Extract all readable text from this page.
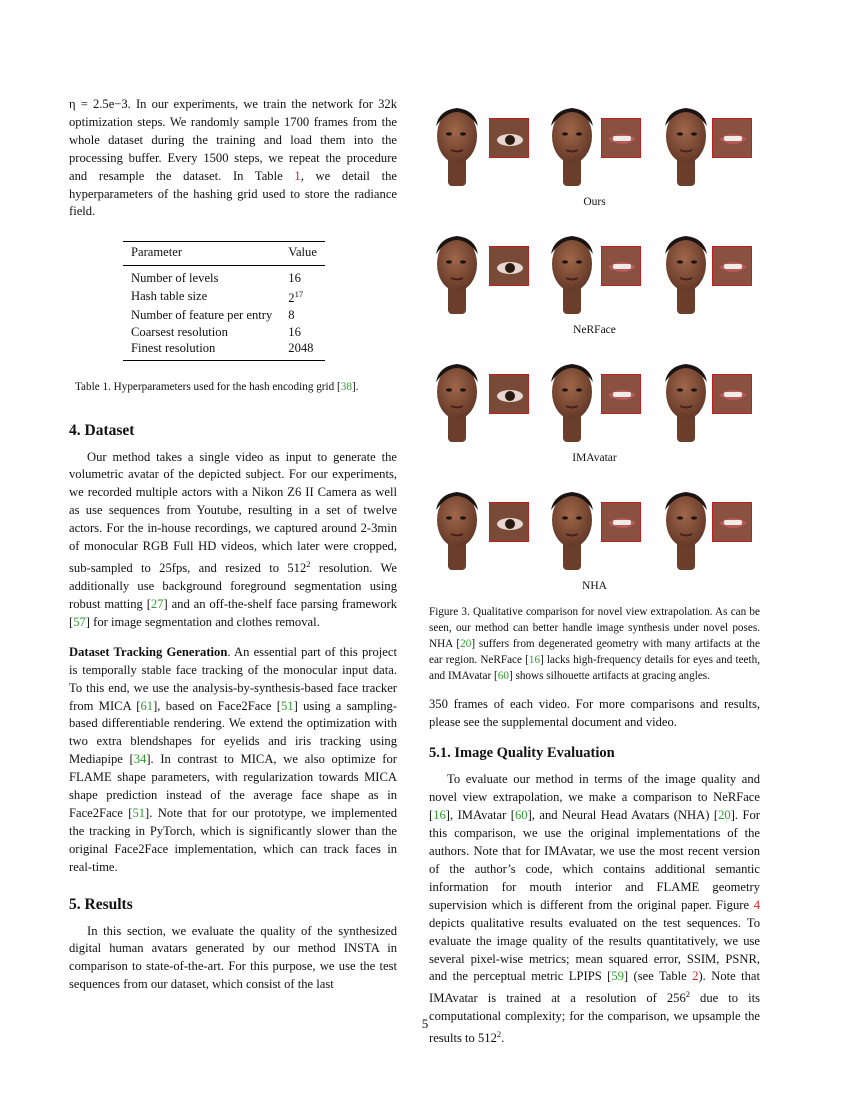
η = 2.5e−3. In our experiments, we train the network for 32k optimization steps. We randomly sample 1700 frames from the whole dataset during the training and load them into the processing buffer. Every 1500 steps, we repeat the procedure and resample the dataset. In Table 1, we detail the hyperparameters of the hashing grid used to store the radiance field.

Parameter	Value
Number of levels	16
Hash table size	$2^{17}$
Number of feature per entry	8
Coarsest resolution	16
Finest resolution	2048

Table 1. Hyperparameters used for the hash encoding grid [38].

4. Dataset

Our method takes a single video as input to generate the volumetric avatar of the depicted subject. For our experiments, we recorded multiple actors with a Nikon Z6 II Camera as well as use sequences from Youtube, resulting in a set of twelve actors. For the in-house recordings, we captured around 2-3min of monocular RGB Full HD videos, which later were cropped, sub-sampled to 25fps, and resized to $512^2$ resolution. We additionally use background foreground segmentation using robust matting [27] and an off-the-shelf face parsing framework [57] for image segmentation and clothes removal.

Dataset Tracking Generation. An essential part of this project is temporally stable face tracking of the monocular input data. To this end, we use the analysis-by-synthesis-based face tracker from MICA [61], based on Face2Face [51] using a sampling-based differentiable rendering. We extend the optimization with two extra blendshapes for eyelids and iris tracking using Mediapipe [34]. In contrast to MICA, we also optimize for FLAME shape parameters, with regularization towards MICA shape prediction instead of the average face shape as in Face2Face [51]. Note that for our prototype, we implemented the tracking in PyTorch, which is significantly slower than the original Face2Face implementation, which can track faces in real-time.

5. Results

In this section, we evaluate the quality of the synthesized digital human avatars generated by our method INSTA in comparison to state-of-the-art. For this purpose, we use the test sequences from our dataset, which consist of the last

Ours
NeRFace
IMAvatar
NHA

Figure 3. Qualitative comparison for novel view extrapolation. As can be seen, our method can better handle image synthesis under novel poses. NHA [20] suffers from degenerated geometry with many artifacts at the ear region. NeRFace [16] lacks high-frequency details for eyes and teeth, and IMAvatar [60] shows silhouette artifacts at gracing angles.

350 frames of each video. For more comparisons and results, please see the supplemental document and video.

5.1. Image Quality Evaluation

To evaluate our method in terms of the image quality and novel view extrapolation, we make a comparison to NeRFace [16], IMAvatar [60], and Neural Head Avatars (NHA) [20]. For this comparison, we use the original implementations of the authors. Note that for IMAvatar, we use the most recent version of the author’s code, which contains additional semantic information for mouth interior and FLAME geometry supervision which is different from the original paper. Figure 4 depicts qualitative results evaluated on the test sequences. To evaluate the image quality of the results quantitatively, we use several pixel-wise metrics; mean squared error, SSIM, PSNR, and the perceptual metric LPIPS [59] (see Table 2). Note that IMAvatar is trained at a resolution of $256^2$ due to its computational complexity; for the comparison, we upsample the results to $512^2$.

5
